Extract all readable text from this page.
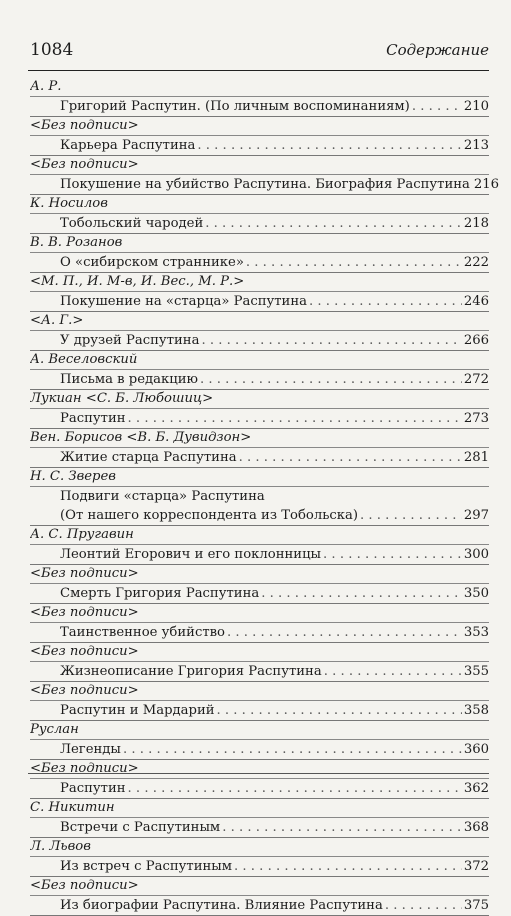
1084	Содержание
А. Р.
Григорий Распутин. (По личным воспоминаниям) . . .	210
<Без подписи>
Карьера Распутина . . .	213
<Без подписи>
Покушение на убийство Распутина. Биография Распутина 216
К. Носилов
Тобольский чародей . . .	218
В. В. Розанов
О «сибирском страннике» . . .	222
<М. П., И. М-в, И. Вес., М. Р.>
Покушение на «старца» Распутина . . .	246
<А. Г.>
У друзей Распутина . . .	266
А. Веселовский
Письма в редакцию . . .	272
Лукиан <С. Б. Любошиц>
Распутин . . .	273
Вен. Борисов <В. Б. Дувидзон>
Житие старца Распутина . . .	281
Н. С. Зверев
Подвиги «старца» Распутина
(От нашего корреспондента из Тобольска) . . .	297
А. С. Пругавин
Леонтий Егорович и его поклонницы . . .	300
<Без подписи>
Смерть Григория Распутина . . .	350
<Без подписи>
Таинственное убийство . . .	353
<Без подписи>
Жизнеописание Григория Распутина . . .	355
<Без подписи>
Распутин и Мардарий . . .	358
Руслан
Легенды . . .	360
<Без подписи>
Распутин . . .	362
С. Никитин
Встречи с Распутиным . . .	368
Л. Львов
Из встреч с Распутиным . . .	372
<Без подписи>
Из биографии Распутина. Влияние Распутина . . .	375
